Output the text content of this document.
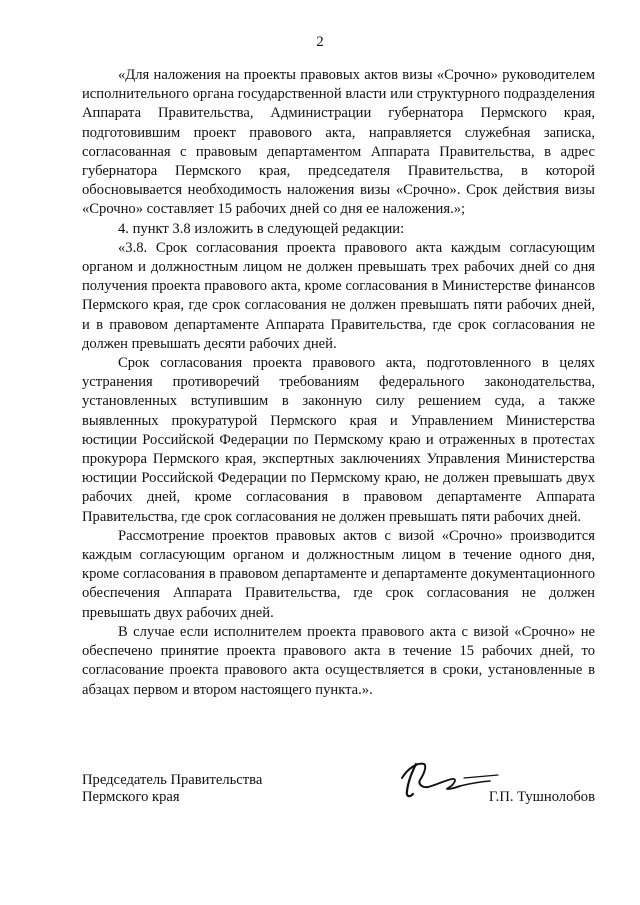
2

«Для наложения на проекты правовых актов визы «Срочно» руководителем исполнительного органа государственной власти или структурного подразделения Аппарата Правительства, Администрации губернатора Пермского края, подготовившим проект правового акта, направляется служебная записка, согласованная с правовым департаментом Аппарата Правительства, в адрес губернатора Пермского края, председателя Правительства, в которой обосновывается необходимость наложения визы «Срочно». Срок действия визы «Срочно» составляет 15 рабочих дней со дня ее наложения.»;

4. пункт 3.8 изложить в следующей редакции:

«3.8. Срок согласования проекта правового акта каждым согласующим органом и должностным лицом не должен превышать трех рабочих дней со дня получения проекта правового акта, кроме согласования в Министерстве финансов Пермского края, где срок согласования не должен превышать пяти рабочих дней, и в правовом департаменте Аппарата Правительства, где срок согласования не должен превышать десяти рабочих дней.

Срок согласования проекта правового акта, подготовленного в целях устранения противоречий требованиям федерального законодательства, установленных вступившим в законную силу решением суда, а также выявленных прокуратурой Пермского края и Управлением Министерства юстиции Российской Федерации по Пермскому краю и отраженных в протестах прокурора Пермского края, экспертных заключениях Управления Министерства юстиции Российской Федерации по Пермскому краю, не должен превышать двух рабочих дней, кроме согласования в правовом департаменте Аппарата Правительства, где срок согласования не должен превышать пяти рабочих дней.

Рассмотрение проектов правовых актов с визой «Срочно» производится каждым согласующим органом и должностным лицом в течение одного дня, кроме согласования в правовом департаменте и департаменте документационного обеспечения Аппарата Правительства, где срок согласования не должен превышать двух рабочих дней.

В случае если исполнителем проекта правового акта с визой «Срочно» не обеспечено принятие проекта правового акта в течение 15 рабочих дней, то согласование проекта правового акта осуществляется в сроки, установленные в абзацах первом и втором настоящего пункта.».

Председатель Правительства
Пермского края	Г.П. Тушнолобов
